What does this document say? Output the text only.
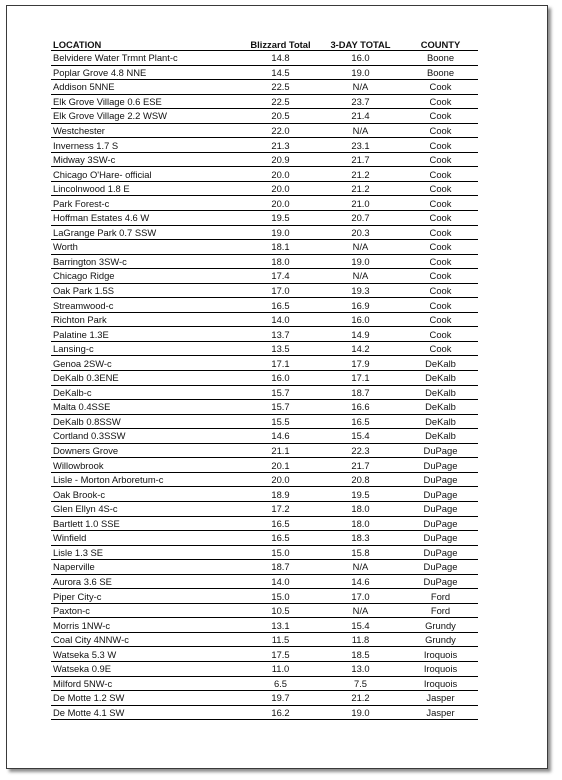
LOCATION	Blizzard Total	3-DAY TOTAL	COUNTY
Belvidere Water Trmnt Plant-c	14.8	16.0	Boone
Poplar Grove 4.8 NNE	14.5	19.0	Boone
Addison 5NNE	22.5	N/A	Cook
Elk Grove Village 0.6 ESE	22.5	23.7	Cook
Elk Grove Village 2.2 WSW	20.5	21.4	Cook
Westchester	22.0	N/A	Cook
Inverness 1.7 S	21.3	23.1	Cook
Midway 3SW-c	20.9	21.7	Cook
Chicago O'Hare- official	20.0	21.2	Cook
Lincolnwood 1.8 E	20.0	21.2	Cook
Park Forest-c	20.0	21.0	Cook
Hoffman Estates 4.6 W	19.5	20.7	Cook
LaGrange Park 0.7 SSW	19.0	20.3	Cook
Worth	18.1	N/A	Cook
Barrington 3SW-c	18.0	19.0	Cook
Chicago Ridge	17.4	N/A	Cook
Oak Park 1.5S	17.0	19.3	Cook
Streamwood-c	16.5	16.9	Cook
Richton Park	14.0	16.0	Cook
Palatine 1.3E	13.7	14.9	Cook
Lansing-c	13.5	14.2	Cook
Genoa 2SW-c	17.1	17.9	DeKalb
DeKalb 0.3ENE	16.0	17.1	DeKalb
DeKalb-c	15.7	18.7	DeKalb
Malta 0.4SSE	15.7	16.6	DeKalb
DeKalb 0.8SSW	15.5	16.5	DeKalb
Cortland 0.3SSW	14.6	15.4	DeKalb
Downers Grove	21.1	22.3	DuPage
Willowbrook	20.1	21.7	DuPage
Lisle - Morton Arboretum-c	20.0	20.8	DuPage
Oak Brook-c	18.9	19.5	DuPage
Glen Ellyn 4S-c	17.2	18.0	DuPage
Bartlett 1.0 SSE	16.5	18.0	DuPage
Winfield	16.5	18.3	DuPage
Lisle 1.3 SE	15.0	15.8	DuPage
Naperville	18.7	N/A	DuPage
Aurora 3.6 SE	14.0	14.6	DuPage
Piper City-c	15.0	17.0	Ford
Paxton-c	10.5	N/A	Ford
Morris 1NW-c	13.1	15.4	Grundy
Coal City 4NNW-c	11.5	11.8	Grundy
Watseka 5.3 W	17.5	18.5	Iroquois
Watseka 0.9E	11.0	13.0	Iroquois
Milford 5NW-c	6.5	7.5	Iroquois
De Motte 1.2 SW	19.7	21.2	Jasper
De Motte 4.1 SW	16.2	19.0	Jasper
